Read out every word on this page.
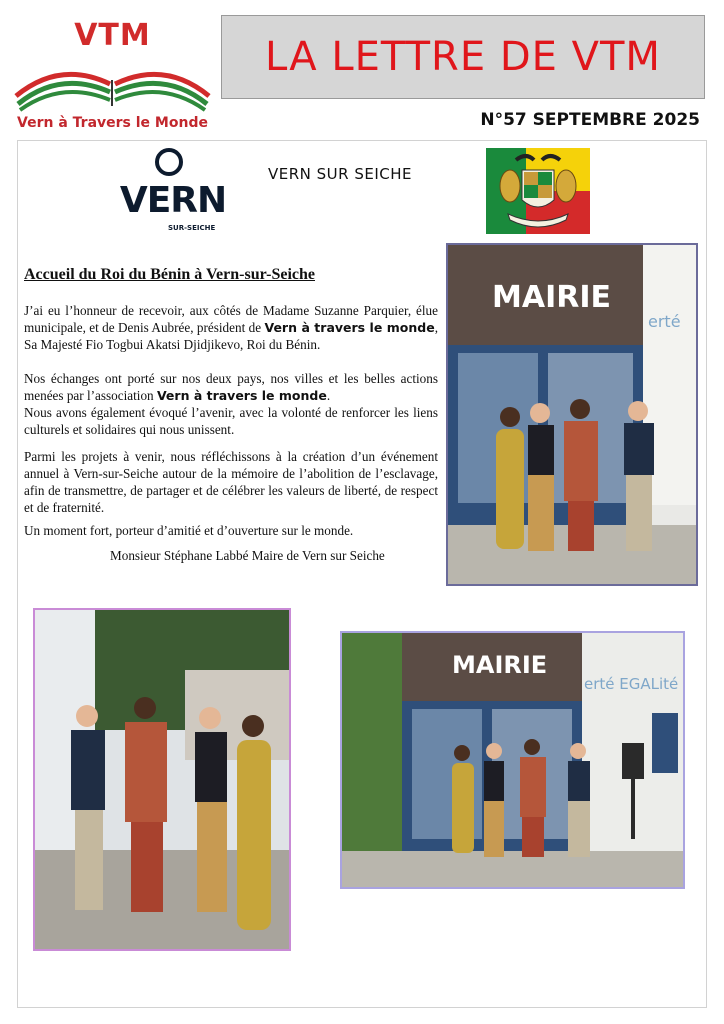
VTM
Vern à Travers le Monde
LA LETTRE DE VTM
N°57 SEPTEMBRE 2025
VERN
SUR-SEICHE
VERN SUR SEICHE
Accueil du Roi du Bénin à Vern-sur-Seiche
J’ai eu l’honneur de recevoir, aux côtés de Madame Suzanne Parquier, élue municipale, et de Denis Aubrée, président de Vern à travers le monde, Sa Majesté Fio Togbui Akatsi Djidjikevo, Roi du Bénin.
Nos échanges ont porté sur nos deux pays, nos villes et les belles actions menées par l’association Vern à travers le monde.
Nous avons également évoqué l’avenir, avec la volonté de renforcer les liens culturels et solidaires qui nous unissent.
Parmi les projets à venir, nous réfléchissons à la création d’un événement annuel à Vern-sur-Seiche autour de la mémoire de l’abolition de l’esclavage, afin de transmettre, de partager et de célébrer les valeurs de liberté, de respect et de fraternité.
Un moment fort, porteur d’amitié et d’ouverture sur le monde.
Monsieur Stéphane Labbé Maire de Vern sur Seiche
MAIRIE
erté
MAIRIE
erté EGALité
